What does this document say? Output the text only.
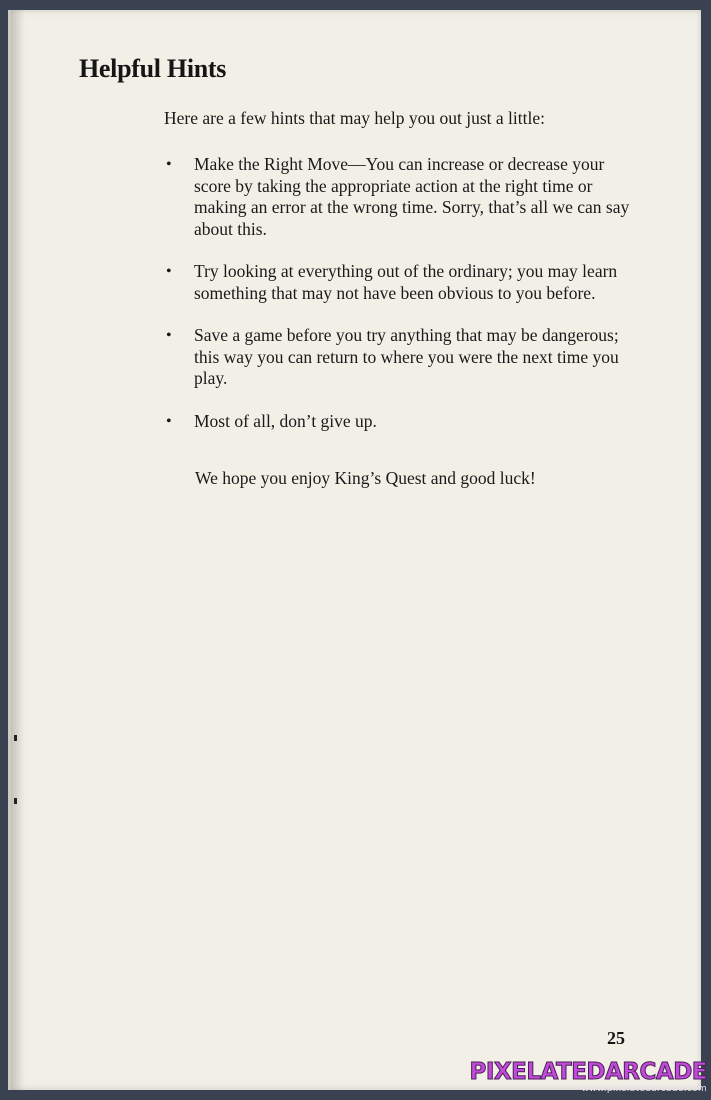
Helpful Hints

Here are a few hints that may help you out just a little:

• Make the Right Move—You can increase or decrease your score by taking the appropriate action at the right time or making an error at the wrong time. Sorry, that’s all we can say about this.
• Try looking at everything out of the ordinary; you may learn something that may not have been obvious to you before.
• Save a game before you try anything that may be dangerous; this way you can return to where you were the next time you play.
• Most of all, don’t give up.

We hope you enjoy King’s Quest and good luck!

25
PIXELATEDARCADE
www.pixelatedarcade.com
